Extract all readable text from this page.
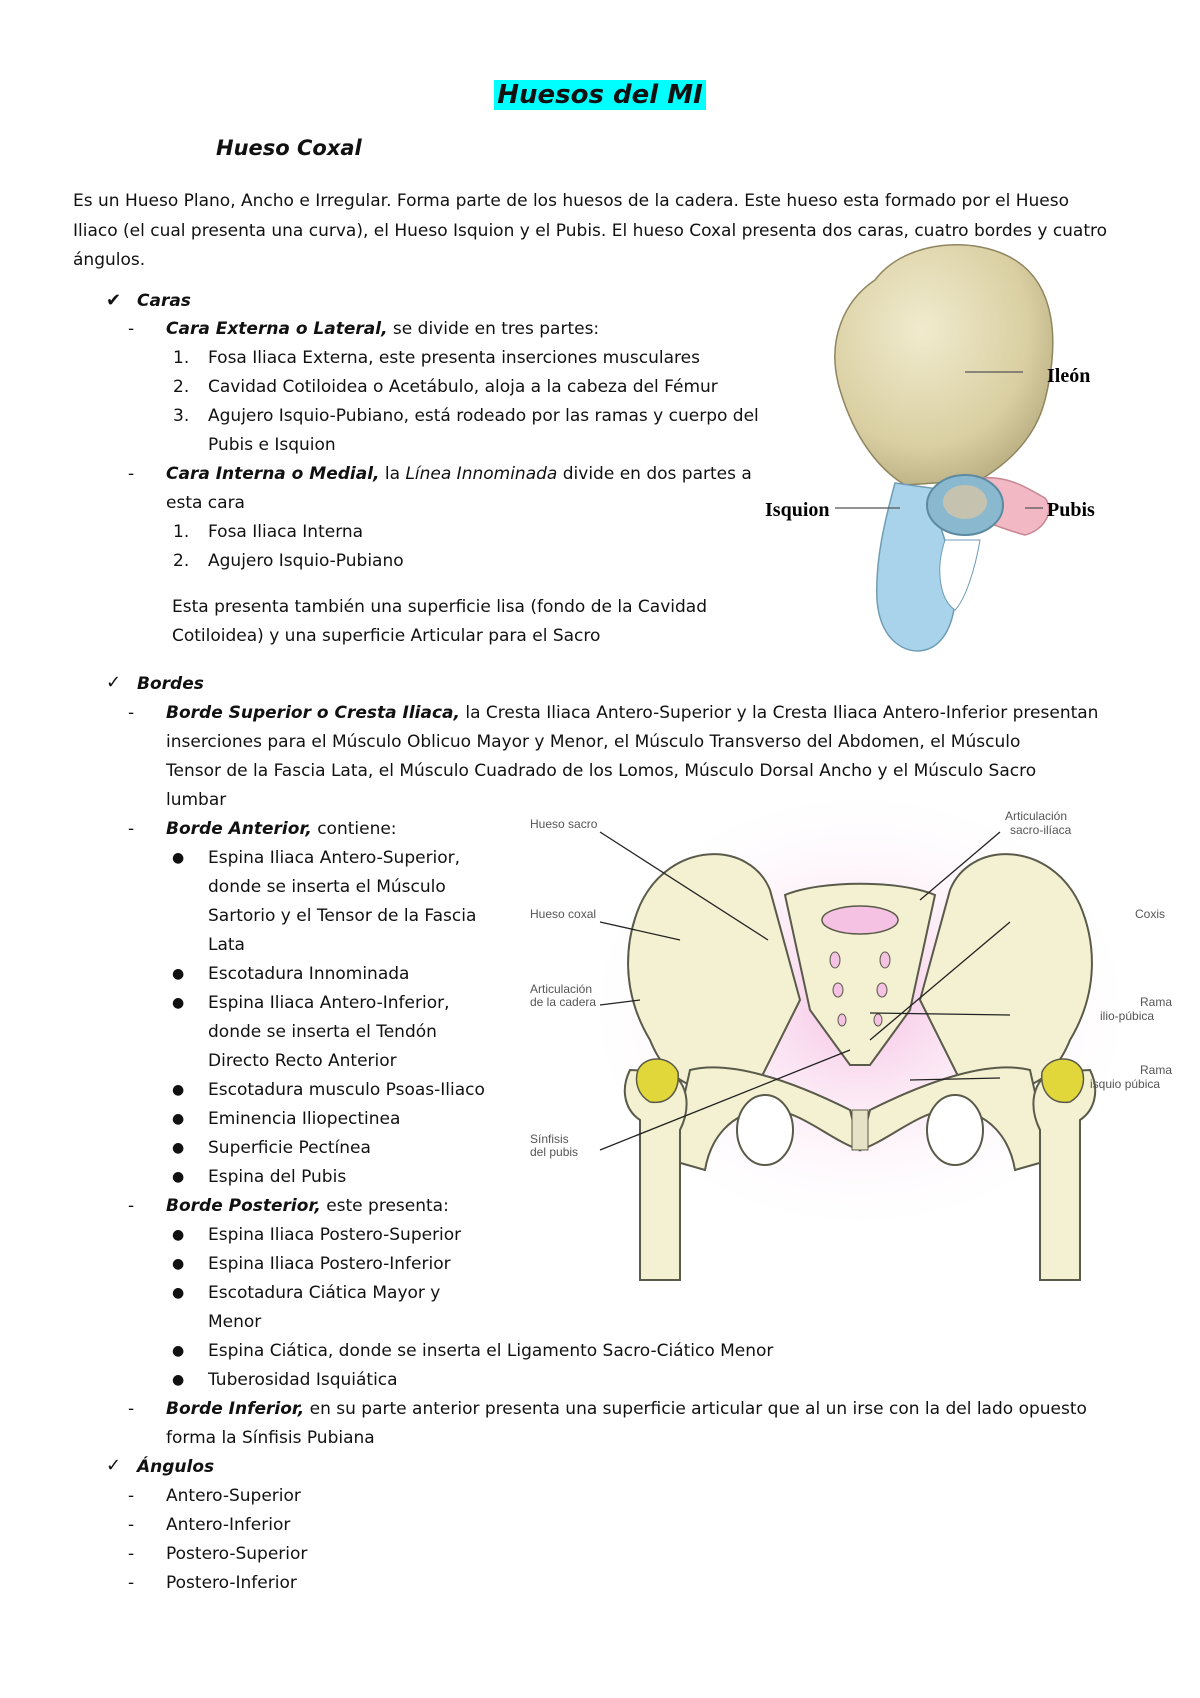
Huesos del MI
Hueso Coxal
Es un Hueso Plano, Ancho e Irregular. Forma parte de los huesos de la cadera. Este hueso esta formado por el Hueso Iliaco (el cual presenta una curva), el Hueso Isquion y el Pubis. El hueso Coxal presenta dos caras, cuatro bordes y cuatro ángulos.
✔ Caras
-	Cara Externa o Lateral, se divide en tres partes:
1.	Fosa Iliaca Externa, este presenta inserciones musculares
2.	Cavidad Cotiloidea o Acetábulo, aloja a la cabeza del Fémur
3.	Agujero Isquio-Pubiano, está rodeado por las ramas y cuerpo del
Pubis e Isquion
-	Cara Interna o Medial, la Línea Innominada divide en dos partes a
esta cara
1.	Fosa Iliaca Interna
2.	Agujero Isquio-Pubiano
Esta presenta también una superficie lisa (fondo de la Cavidad
Cotiloidea) y una superficie Articular para el Sacro
Ileón
Isquion	Pubis
✓ Bordes
-	Borde Superior o Cresta Iliaca, la Cresta Iliaca Antero-Superior y la Cresta Iliaca Antero-Inferior presentan
inserciones para el Músculo Oblicuo Mayor y Menor, el Músculo Transverso del Abdomen, el Músculo
Tensor de la Fascia Lata, el Músculo Cuadrado de los Lomos, Músculo Dorsal Ancho y el Músculo Sacro
lumbar
-	Borde Anterior, contiene:
● Espina Iliaca Antero-Superior,
donde se inserta el Músculo
Sartorio y el Tensor de la Fascia
Lata
● Escotadura Innominada
● Espina Iliaca Antero-Inferior,
donde se inserta el Tendón
Directo Recto Anterior
● Escotadura musculo Psoas-Iliaco
● Eminencia Iliopectinea
● Superficie Pectínea
● Espina del Pubis
-	Borde Posterior, este presenta:
● Espina Iliaca Postero-Superior
● Espina Iliaca Postero-Inferior
● Escotadura Ciática Mayor y
Menor
● Espina Ciática, donde se inserta el Ligamento Sacro-Ciático Menor
● Tuberosidad Isquiática
-	Borde Inferior, en su parte anterior presenta una superficie articular que al un irse con la del lado opuesto
forma la Sínfisis Pubiana
Hueso sacro
Articulación
sacro-ilíaca
Hueso coxal	Coxis
Articulación
de la cadera	Rama
ilio-púbica
Rama
isquio púbica
Sínfisis
del pubis
✓ Ángulos
-	Antero-Superior
-	Antero-Inferior
-	Postero-Superior
-	Postero-Inferior
